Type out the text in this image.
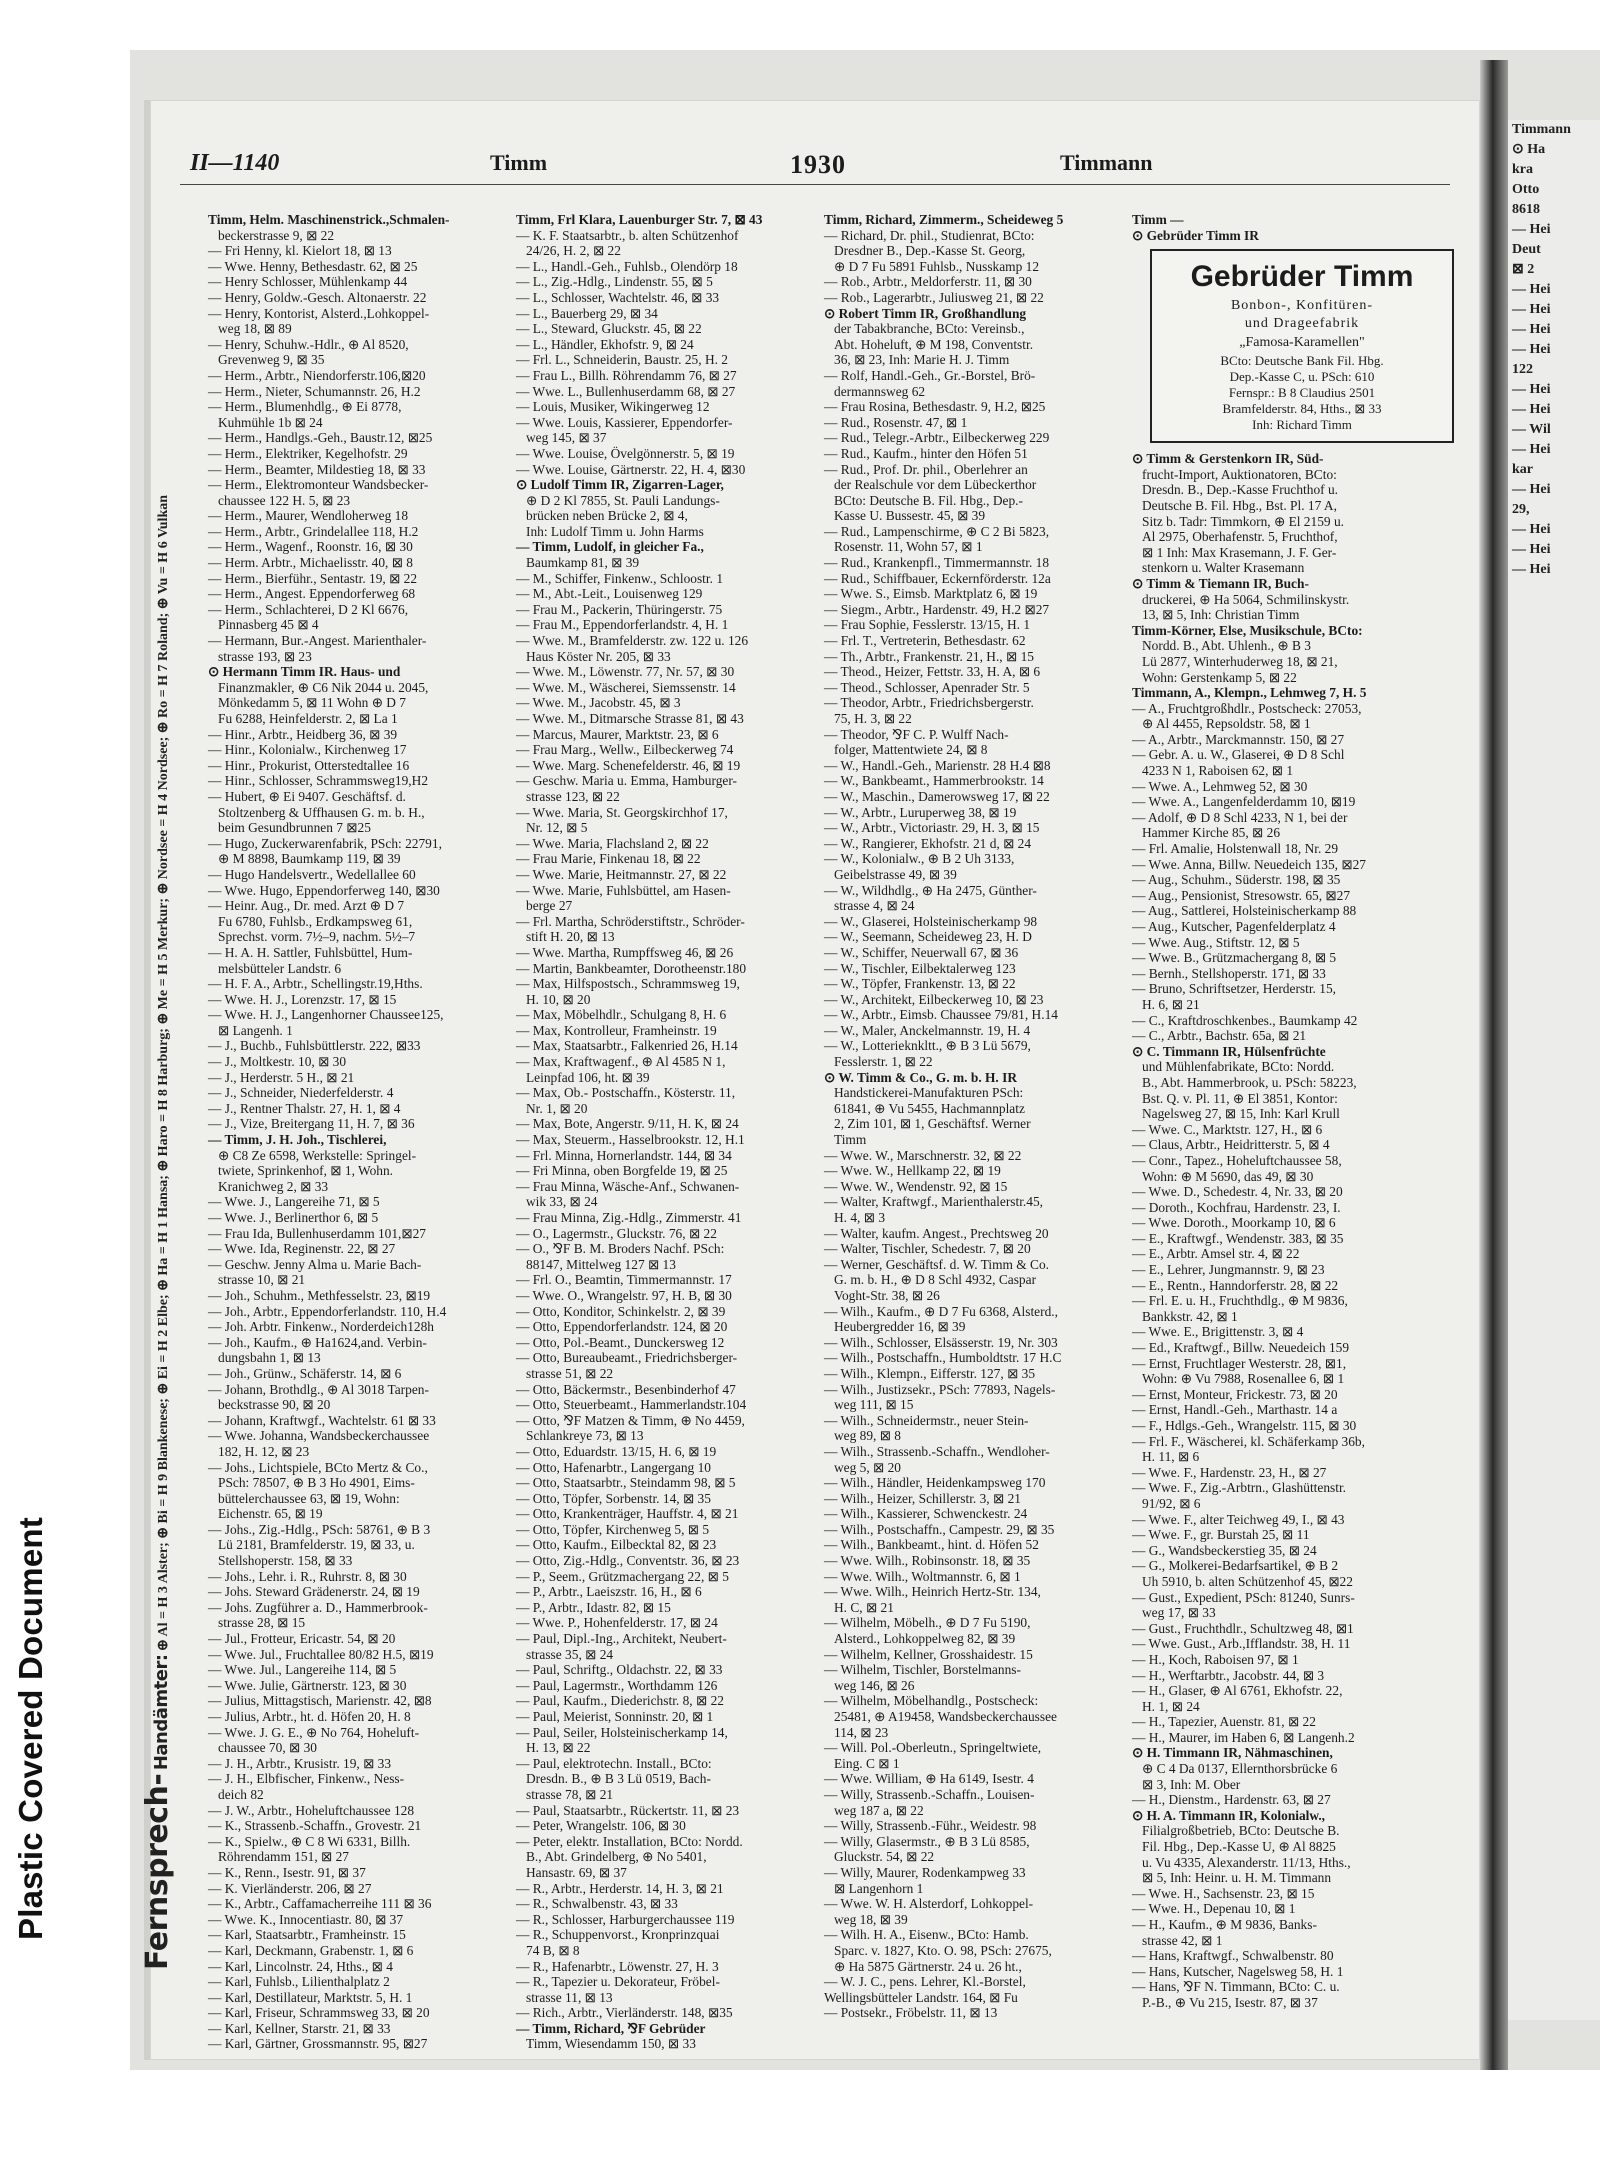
Plastic Covered Document
Timmann
⊙ Ha
kra
Otto
8618
— Hei
Deut
⊠ 2
— Hei
— Hei
— Hei
— Hei
122
— Hei
— Hei
— Wil
— Hei
kar
— Hei
29,
— Hei
— Hei
— Hei
II—1140	Timm	1930	Timmann
Fernsprech- Handämter: ⊕ Al = H 3 Alster; ⊕ Bi = H 9 Blankenese; ⊕ Ei = H 2 Elbe; ⊕ Ha = H 1 Hansa; ⊕ Haro = H 8 Harburg; ⊕ Me = H 5 Merkur; ⊕ Nordsee = H 4 Nordsee; ⊕ Ro = H 7 Roland; ⊕ Vu = H 6 Vulkan
Timm, Helm. Maschinenstrick.,Schmalen-
beckerstrasse 9, ⊠ 22
— Fri Henny, kl. Kielort 18, ⊠ 13
— Wwe. Henny, Bethesdastr. 62, ⊠ 25
— Henry Schlosser, Mühlenkamp 44
— Henry, Goldw.-Gesch. Altonaerstr. 22
— Henry, Kontorist, Alsterd.,Lohkoppel-
weg 18, ⊠ 89
— Henry, Schuhw.-Hdlr., ⊕ Al 8520,
Grevenweg 9, ⊠ 35
— Herm., Arbtr., Niendorferstr.106,⊠20
— Herm., Nieter, Schumannstr. 26, H.2
— Herm., Blumenhdlg., ⊕ Ei 8778,
Kuhmühle 1b ⊠ 24
— Herm., Handlgs.-Geh., Baustr.12, ⊠25
— Herm., Elektriker, Kegelhofstr. 29
— Herm., Beamter, Mildestieg 18, ⊠ 33
— Herm., Elektromonteur Wandsbecker-
chaussee 122 H. 5, ⊠ 23
— Herm., Maurer, Wendloherweg 18
— Herm., Arbtr., Grindelallee 118, H.2
— Herm., Wagenf., Roonstr. 16, ⊠ 30
— Herm. Arbtr., Michaelisstr. 40, ⊠ 8
— Herm., Bierführ., Sentastr. 19, ⊠ 22
— Herm., Angest. Eppendorferweg 68
— Herm., Schlachterei, D 2 Kl 6676,
Pinnasberg 45 ⊠ 4
— Hermann, Bur.-Angest. Marienthaler-
strasse 193, ⊠ 23
⊙ Hermann Timm IR. Haus- und
Finanzmakler, ⊕ C6 Nik 2044 u. 2045,
Mönkedamm 5, ⊠ 11 Wohn ⊕ D 7
Fu 6288, Heinfelderstr. 2, ⊠ La 1
— Hinr., Arbtr., Heidberg 36, ⊠ 39
— Hinr., Kolonialw., Kirchenweg 17
— Hinr., Prokurist, Otterstedtallee 16
— Hinr., Schlosser, Schrammsweg19,H2
— Hubert, ⊕ Ei 9407. Geschäftsf. d.
Stoltzenberg & Uffhausen G. m. b. H.,
beim Gesundbrunnen 7 ⊠25
— Hugo, Zuckerwarenfabrik, PSch: 22791,
⊕ M 8898, Baumkamp 119, ⊠ 39
— Hugo Handelsvertr., Wedellallee 60
— Wwe. Hugo, Eppendorferweg 140, ⊠30
— Heinr. Aug., Dr. med. Arzt ⊕ D 7
Fu 6780, Fuhlsb., Erdkampsweg 61,
Sprechst. vorm. 7½–9, nachm. 5½–7
— H. A. H. Sattler, Fuhlsbüttel, Hum-
melsbütteler Landstr. 6
— H. F. A., Arbtr., Schellingstr.19,Hths.
— Wwe. H. J., Lorenzstr. 17, ⊠ 15
— Wwe. H. J., Langenhorner Chaussee125,
⊠ Langenh. 1
— J., Buchb., Fuhlsbüttlerstr. 222, ⊠33
— J., Moltkestr. 10, ⊠ 30
— J., Herderstr. 5 H., ⊠ 21
— J., Schneider, Niederfelderstr. 4
— J., Rentner Thalstr. 27, H. 1, ⊠ 4
— J., Vize, Breitergang 11, H. 7, ⊠ 36
— Timm, J. H. Joh., Tischlerei,
⊕ C8 Ze 6598, Werkstelle: Springel-
twiete, Sprinkenhof, ⊠ 1, Wohn.
Kranichweg 2, ⊠ 33
— Wwe. J., Langereihe 71, ⊠ 5
— Wwe. J., Berlinerthor 6, ⊠ 5
— Frau Ida, Bullenhuserdamm 101,⊠27
— Wwe. Ida, Reginenstr. 22, ⊠ 27
— Geschw. Jenny Alma u. Marie Bach-
strasse 10, ⊠ 21
— Joh., Schuhm., Methfesselstr. 23, ⊠19
— Joh., Arbtr., Eppendorferlandstr. 110, H.4
— Joh. Arbtr. Finkenw., Norderdeich128h
— Joh., Kaufm., ⊕ Ha1624,and. Verbin-
dungsbahn 1, ⊠ 13
— Joh., Grünw., Schäferstr. 14, ⊠ 6
— Johann, Brothdlg., ⊕ Al 3018 Tarpen-
beckstrasse 90, ⊠ 20
— Johann, Kraftwgf., Wachtelstr. 61 ⊠ 33
— Wwe. Johanna, Wandsbeckerchaussee
182, H. 12, ⊠ 23
— Johs., Lichtspiele, BCto Mertz & Co.,
PSch: 78507, ⊕ B 3 Ho 4901, Eims-
büttelerchaussee 63, ⊠ 19, Wohn:
Eichenstr. 65, ⊠ 19
— Johs., Zig.-Hdlg., PSch: 58761, ⊕ B 3
Lü 2181, Bramfelderstr. 19, ⊠ 33, u.
Stellshoperstr. 158, ⊠ 33
— Johs., Lehr. i. R., Ruhrstr. 8, ⊠ 30
— Johs. Steward Grädenerstr. 24, ⊠ 19
— Johs. Zugführer a. D., Hammerbrook-
strasse 28, ⊠ 15
— Jul., Frotteur, Ericastr. 54, ⊠ 20
— Wwe. Jul., Fruchtallee 80/82 H.5, ⊠19
— Wwe. Jul., Langereihe 114, ⊠ 5
— Wwe. Julie, Gärtnerstr. 123, ⊠ 30
— Julius, Mittagstisch, Marienstr. 42, ⊠8
— Julius, Arbtr., ht. d. Höfen 20, H. 8
— Wwe. J. G. E., ⊕ No 764, Hoheluft-
chaussee 70, ⊠ 30
— J. H., Arbtr., Krusistr. 19, ⊠ 33
— J. H., Elbfischer, Finkenw., Ness-
deich 82
— J. W., Arbtr., Hoheluftchaussee 128
— K., Strassenb.-Schaffn., Grovestr. 21
— K., Spielw., ⊕ C 8 Wi 6331, Billh.
Röhrendamm 151, ⊠ 27
— K., Renn., Isestr. 91, ⊠ 37
— K. Vierländerstr. 206, ⊠ 27
— K., Arbtr., Caffamacherreihe 111 ⊠ 36
— Wwe. K., Innocentiastr. 80, ⊠ 37
— Karl, Staatsarbtr., Framheinstr. 15
— Karl, Deckmann, Grabenstr. 1, ⊠ 6
— Karl, Lincolnstr. 24, Hths., ⊠ 4
— Karl, Fuhlsb., Lilienthalplatz 2
— Karl, Destillateur, Marktstr. 5, H. 1
— Karl, Friseur, Schrammsweg 33, ⊠ 20
— Karl, Kellner, Starstr. 21, ⊠ 33
— Karl, Gärtner, Grossmannstr. 95, ⊠27
Timm, Frl Klara, Lauenburger Str. 7, ⊠ 43
— K. F. Staatsarbtr., b. alten Schützenhof
24/26, H. 2, ⊠ 22
— L., Handl.-Geh., Fuhlsb., Olendörp 18
— L., Zig.-Hdlg., Lindenstr. 55, ⊠ 5
— L., Schlosser, Wachtelstr. 46, ⊠ 33
— L., Bauerberg 29, ⊠ 34
— L., Steward, Gluckstr. 45, ⊠ 22
— L., Händler, Ekhofstr. 9, ⊠ 24
— Frl. L., Schneiderin, Baustr. 25, H. 2
— Frau L., Billh. Röhrendamm 76, ⊠ 27
— Wwe. L., Bullenhuserdamm 68, ⊠ 27
— Louis, Musiker, Wikingerweg 12
— Wwe. Louis, Kassierer, Eppendorfer-
weg 145, ⊠ 37
— Wwe. Louise, Övelgönnerstr. 5, ⊠ 19
— Wwe. Louise, Gärtnerstr. 22, H. 4, ⊠30
⊙ Ludolf Timm IR, Zigarren-Lager,
⊕ D 2 Kl 7855, St. Pauli Landungs-
brücken neben Brücke 2, ⊠ 4,
Inh: Ludolf Timm u. John Harms
— Timm, Ludolf, in gleicher Fa.,
Baumkamp 81, ⊠ 39
— M., Schiffer, Finkenw., Schloostr. 1
— M., Abt.-Leit., Louisenweg 129
— Frau M., Packerin, Thüringerstr. 75
— Frau M., Eppendorferlandstr. 4, H. 1
— Wwe. M., Bramfelderstr. zw. 122 u. 126
Haus Köster Nr. 205, ⊠ 33
— Wwe. M., Löwenstr. 77, Nr. 57, ⊠ 30
— Wwe. M., Wäscherei, Siemssenstr. 14
— Wwe. M., Jacobstr. 45, ⊠ 3
— Wwe. M., Ditmarsche Strasse 81, ⊠ 43
— Marcus, Maurer, Marktstr. 23, ⊠ 6
— Frau Marg., Wellw., Eilbeckerweg 74
— Wwe. Marg. Schenefelderstr. 46, ⊠ 19
— Geschw. Maria u. Emma, Hamburger-
strasse 123, ⊠ 22
— Wwe. Maria, St. Georgskirchhof 17,
Nr. 12, ⊠ 5
— Wwe. Maria, Flachsland 2, ⊠ 22
— Frau Marie, Finkenau 18, ⊠ 22
— Wwe. Marie, Heitmannstr. 27, ⊠ 22
— Wwe. Marie, Fuhlsbüttel, am Hasen-
berge 27
— Frl. Martha, Schröderstiftstr., Schröder-
stift H. 20, ⊠ 13
— Wwe. Martha, Rumpffsweg 46, ⊠ 26
— Martin, Bankbeamter, Dorotheenstr.180
— Max, Hilfspostsch., Schrammsweg 19,
H. 10, ⊠ 20
— Max, Möbelhdlr., Schulgang 8, H. 6
— Max, Kontrolleur, Framheinstr. 19
— Max, Staatsarbtr., Falkenried 26, H.14
— Max, Kraftwagenf., ⊕ Al 4585 N 1,
Leinpfad 106, ht. ⊠ 39
— Max, Ob.- Postschaffn., Kösterstr. 11,
Nr. 1, ⊠ 20
— Max, Bote, Angerstr. 9/11, H. K, ⊠ 24
— Max, Steuerm., Hasselbrookstr. 12, H.1
— Frl. Minna, Hornerlandstr. 144, ⊠ 34
— Fri Minna, oben Borgfelde 19, ⊠ 25
— Frau Minna, Wäsche-Anf., Schwanen-
wik 33, ⊠ 24
— Frau Minna, Zig.-Hdlg., Zimmerstr. 41
— O., Lagermstr., Gluckstr. 76, ⊠ 22
— O., ⅋F B. M. Broders Nachf. PSch:
88147, Mittelweg 127 ⊠ 13
— Frl. O., Beamtin, Timmermannstr. 17
— Wwe. O., Wrangelstr. 97, H. B, ⊠ 30
— Otto, Konditor, Schinkelstr. 2, ⊠ 39
— Otto, Eppendorferlandstr. 124, ⊠ 20
— Otto, Pol.-Beamt., Dunckersweg 12
— Otto, Bureaubeamt., Friedrichsberger-
strasse 51, ⊠ 22
— Otto, Bäckermstr., Besenbinderhof 47
— Otto, Steuerbeamt., Hammerlandstr.104
— Otto, ⅋F Matzen & Timm, ⊕ No 4459,
Schlankreye 73, ⊠ 13
— Otto, Eduardstr. 13/15, H. 6, ⊠ 19
— Otto, Hafenarbtr., Langergang 10
— Otto, Staatsarbtr., Steindamm 98, ⊠ 5
— Otto, Töpfer, Sorbenstr. 14, ⊠ 35
— Otto, Krankenträger, Hauffstr. 4, ⊠ 21
— Otto, Töpfer, Kirchenweg 5, ⊠ 5
— Otto, Kaufm., Eilbecktal 82, ⊠ 23
— Otto, Zig.-Hdlg., Conventstr. 36, ⊠ 23
— P., Seem., Grützmachergang 22, ⊠ 5
— P., Arbtr., Laeiszstr. 16, H., ⊠ 6
— P., Arbtr., Idastr. 82, ⊠ 15
— Wwe. P., Hohenfelderstr. 17, ⊠ 24
— Paul, Dipl.-Ing., Architekt, Neubert-
strasse 35, ⊠ 24
— Paul, Schriftg., Oldachstr. 22, ⊠ 33
— Paul, Lagermstr., Worthdamm 126
— Paul, Kaufm., Diederichstr. 8, ⊠ 22
— Paul, Meierist, Sonninstr. 20, ⊠ 1
— Paul, Seiler, Holsteinischerkamp 14,
H. 13, ⊠ 22
— Paul, elektrotechn. Install., BCto:
Dresdn. B., ⊕ B 3 Lü 0519, Bach-
strasse 78, ⊠ 21
— Paul, Staatsarbtr., Rückertstr. 11, ⊠ 23
— Peter, Wrangelstr. 106, ⊠ 30
— Peter, elektr. Installation, BCto: Nordd.
B., Abt. Grindelberg, ⊕ No 5401,
Hansastr. 69, ⊠ 37
— R., Arbtr., Herderstr. 14, H. 3, ⊠ 21
— R., Schwalbenstr. 43, ⊠ 33
— R., Schlosser, Harburgerchaussee 119
— R., Schuppenvorst., Kronprinzquai
74 B, ⊠ 8
— R., Hafenarbtr., Löwenstr. 27, H. 3
— R., Tapezier u. Dekorateur, Fröbel-
strasse 11, ⊠ 13
— Rich., Arbtr., Vierländerstr. 148, ⊠35
— Timm, Richard, ⅋F Gebrüder
Timm, Wiesendamm 150, ⊠ 33
Timm, Richard, Zimmerm., Scheideweg 5
— Richard, Dr. phil., Studienrat, BCto:
Dresdner B., Dep.-Kasse St. Georg,
⊕ D 7 Fu 5891 Fuhlsb., Nusskamp 12
— Rob., Arbtr., Meldorferstr. 11, ⊠ 30
— Rob., Lagerarbtr., Juliusweg 21, ⊠ 22
⊙ Robert Timm IR, Großhandlung
der Tabakbranche, BCto: Vereinsb.,
Abt. Hoheluft, ⊕ M 198, Conventstr.
36, ⊠ 23, Inh: Marie H. J. Timm
— Rolf, Handl.-Geh., Gr.-Borstel, Brö-
dermannsweg 62
— Frau Rosina, Bethesdastr. 9, H.2, ⊠25
— Rud., Rosenstr. 47, ⊠ 1
— Rud., Telegr.-Arbtr., Eilbeckerweg 229
— Rud., Kaufm., hinter den Höfen 51
— Rud., Prof. Dr. phil., Oberlehrer an
der Realschule vor dem Lübeckerthor
BCto: Deutsche B. Fil. Hbg., Dep.-
Kasse U. Bussestr. 45, ⊠ 39
— Rud., Lampenschirme, ⊕ C 2 Bi 5823,
Rosenstr. 11, Wohn 57, ⊠ 1
— Rud., Krankenpfl., Timmermannstr. 18
— Rud., Schiffbauer, Eckernförderstr. 12a
— Wwe. S., Eimsb. Marktplatz 6, ⊠ 19
— Siegm., Arbtr., Hardenstr. 49, H.2 ⊠27
— Frau Sophie, Fesslerstr. 13/15, H. 1
— Frl. T., Vertreterin, Bethesdastr. 62
— Th., Arbtr., Frankenstr. 21, H., ⊠ 15
— Theod., Heizer, Fettstr. 33, H. A, ⊠ 6
— Theod., Schlosser, Apenrader Str. 5
— Theodor, Arbtr., Friedrichsbergerstr.
75, H. 3, ⊠ 22
— Theodor, ⅋F C. P. Wulff Nach-
folger, Mattentwiete 24, ⊠ 8
— W., Handl.-Geh., Marienstr. 28 H.4 ⊠8
— W., Bankbeamt., Hammerbrookstr. 14
— W., Maschin., Damerowsweg 17, ⊠ 22
— W., Arbtr., Luruperweg 38, ⊠ 19
— W., Arbtr., Victoriastr. 29, H. 3, ⊠ 15
— W., Rangierer, Ekhofstr. 21 d, ⊠ 24
— W., Kolonialw., ⊕ B 2 Uh 3133,
Geibelstrasse 49, ⊠ 39
— W., Wildhdlg., ⊕ Ha 2475, Günther-
strasse 4, ⊠ 24
— W., Glaserei, Holsteinischerkamp 98
— W., Seemann, Scheideweg 23, H. D
— W., Schiffer, Neuerwall 67, ⊠ 36
— W., Tischler, Eilbektalerweg 123
— W., Töpfer, Frankenstr. 13, ⊠ 22
— W., Architekt, Eilbeckerweg 10, ⊠ 23
— W., Arbtr., Eimsb. Chaussee 79/81, H.14
— W., Maler, Anckelmannstr. 19, H. 4
— W., Lotterieknkltt., ⊕ B 3 Lü 5679,
Fesslerstr. 1, ⊠ 22
⊙ W. Timm & Co., G. m. b. H. IR
Handstickerei-Manufakturen PSch:
61841, ⊕ Vu 5455, Hachmannplatz
2, Zim 101, ⊠ 1, Geschäftsf. Werner
Timm
— Wwe. W., Marschnerstr. 32, ⊠ 22
— Wwe. W., Hellkamp 22, ⊠ 19
— Wwe. W., Wendenstr. 92, ⊠ 15
— Walter, Kraftwgf., Marienthalerstr.45,
H. 4, ⊠ 3
— Walter, kaufm. Angest., Prechtsweg 20
— Walter, Tischler, Schedestr. 7, ⊠ 20
— Werner, Geschäftsf. d. W. Timm & Co.
G. m. b. H., ⊕ D 8 Schl 4932, Caspar
Voght-Str. 38, ⊠ 26
— Wilh., Kaufm., ⊕ D 7 Fu 6368, Alsterd.,
Heubergredder 16, ⊠ 39
— Wilh., Schlosser, Elsässerstr. 19, Nr. 303
— Wilh., Postschaffn., Humboldtstr. 17 H.C
— Wilh., Klempn., Eifferstr. 127, ⊠ 35
— Wilh., Justizsekr., PSch: 77893, Nagels-
weg 111, ⊠ 15
— Wilh., Schneidermstr., neuer Stein-
weg 89, ⊠ 8
— Wilh., Strassenb.-Schaffn., Wendloher-
weg 5, ⊠ 20
— Wilh., Händler, Heidenkampsweg 170
— Wilh., Heizer, Schillerstr. 3, ⊠ 21
— Wilh., Kassierer, Schwenckestr. 24
— Wilh., Postschaffn., Campestr. 29, ⊠ 35
— Wilh., Bankbeamt., hint. d. Höfen 52
— Wwe. Wilh., Robinsonstr. 18, ⊠ 35
— Wwe. Wilh., Woltmannstr. 6, ⊠ 1
— Wwe. Wilh., Heinrich Hertz-Str. 134,
H. C, ⊠ 21
— Wilhelm, Möbelh., ⊕ D 7 Fu 5190,
Alsterd., Lohkoppelweg 82, ⊠ 39
— Wilhelm, Kellner, Grosshaidestr. 15
— Wilhelm, Tischler, Borstelmanns-
weg 146, ⊠ 26
— Wilhelm, Möbelhandlg., Postscheck:
25481, ⊕ A19458, Wandsbeckerchaussee
114, ⊠ 23
— Will. Pol.-Oberleutn., Springeltwiete,
Eing. C ⊠ 1
— Wwe. William, ⊕ Ha 6149, Isestr. 4
— Willy, Strassenb.-Schaffn., Louisen-
weg 187 a, ⊠ 22
— Willy, Strassenb.-Führ., Weidestr. 98
— Willy, Glasermstr., ⊕ B 3 Lü 8585,
Gluckstr. 54, ⊠ 22
— Willy, Maurer, Rodenkampweg 33
⊠ Langenhorn 1
— Wwe. W. H. Alsterdorf, Lohkoppel-
weg 18, ⊠ 39
— Wilh. H. A., Eisenw., BCto: Hamb.
Sparc. v. 1827, Kto. O. 98, PSch: 27675,
⊕ Ha 5875 Gärtnerstr. 24 u. 26 ht.,
— W. J. C., pens. Lehrer, Kl.-Borstel,
Wellingsbütteler Landstr. 164, ⊠ Fu
— Postsekr., Fröbelstr. 11, ⊠ 13
Timm —
⊙ Gebrüder Timm IR
Gebrüder Timm
Bonbon-, Konfitüren-
und Drageefabrik
„Famosa-Karamellen"
BCto: Deutsche Bank Fil. Hbg.
Dep.-Kasse C, u. PSch: 610
Fernspr.: B 8 Claudius 2501
Bramfelderstr. 84, Hths., ⊠ 33
Inh: Richard Timm
⊙ Timm & Gerstenkorn IR, Süd-
frucht-Import, Auktionatoren, BCto:
Dresdn. B., Dep.-Kasse Fruchthof u.
Deutsche B. Fil. Hbg., Bst. Pl. 17 A,
Sitz b. Tadr: Timmkorn, ⊕ El 2159 u.
Al 2975, Oberhafenstr. 5, Fruchthof,
⊠ 1 Inh: Max Krasemann, J. F. Ger-
stenkorn u. Walter Krasemann
⊙ Timm & Tiemann IR, Buch-
druckerei, ⊕ Ha 5064, Schmilinskystr.
13, ⊠ 5, Inh: Christian Timm
Timm-Körner, Else, Musikschule, BCto:
Nordd. B., Abt. Uhlenh., ⊕ B 3
Lü 2877, Winterhuderweg 18, ⊠ 21,
Wohn: Gerstenkamp 5, ⊠ 22
Timmann, A., Klempn., Lehmweg 7, H. 5
— A., Fruchtgroßhdlr., Postscheck: 27053,
⊕ Al 4455, Repsoldstr. 58, ⊠ 1
— A., Arbtr., Marckmannstr. 150, ⊠ 27
— Gebr. A. u. W., Glaserei, ⊕ D 8 Schl
4233 N 1, Raboisen 62, ⊠ 1
— Wwe. A., Lehmweg 52, ⊠ 30
— Wwe. A., Langenfelderdamm 10, ⊠19
— Adolf, ⊕ D 8 Schl 4233, N 1, bei der
Hammer Kirche 85, ⊠ 26
— Frl. Amalie, Holstenwall 18, Nr. 29
— Wwe. Anna, Billw. Neuedeich 135, ⊠27
— Aug., Schuhm., Süderstr. 198, ⊠ 35
— Aug., Pensionist, Stresowstr. 65, ⊠27
— Aug., Sattlerei, Holsteinischerkamp 88
— Aug., Kutscher, Pagenfelderplatz 4
— Wwe. Aug., Stiftstr. 12, ⊠ 5
— Wwe. B., Grützmachergang 8, ⊠ 5
— Bernh., Stellshoperstr. 171, ⊠ 33
— Bruno, Schriftsetzer, Herderstr. 15,
H. 6, ⊠ 21
— C., Kraftdroschkenbes., Baumkamp 42
— C., Arbtr., Bachstr. 65a, ⊠ 21
⊙ C. Timmann IR, Hülsenfrüchte
und Mühlenfabrikate, BCto: Nordd.
B., Abt. Hammerbrook, u. PSch: 58223,
Bst. Q. v. Pl. 11, ⊕ El 3851, Kontor:
Nagelsweg 27, ⊠ 15, Inh: Karl Krull
— Wwe. C., Marktstr. 127, H., ⊠ 6
— Claus, Arbtr., Heidritterstr. 5, ⊠ 4
— Conr., Tapez., Hoheluftchaussee 58,
Wohn: ⊕ M 5690, das 49, ⊠ 30
— Wwe. D., Schedestr. 4, Nr. 33, ⊠ 20
— Doroth., Kochfrau, Hardenstr. 23, I.
— Wwe. Doroth., Moorkamp 10, ⊠ 6
— E., Kraftwgf., Wendenstr. 383, ⊠ 35
— E., Arbtr. Amsel str. 4, ⊠ 22
— E., Lehrer, Jungmannstr. 9, ⊠ 23
— E., Rentn., Hanndorferstr. 28, ⊠ 22
— Frl. E. u. H., Fruchthdlg., ⊕ M 9836,
Bankkstr. 42, ⊠ 1
— Wwe. E., Brigittenstr. 3, ⊠ 4
— Ed., Kraftwgf., Billw. Neuedeich 159
— Ernst, Fruchtlager Westerstr. 28, ⊠1,
Wohn: ⊕ Vu 7988, Rosenallee 6, ⊠ 1
— Ernst, Monteur, Frickestr. 73, ⊠ 20
— Ernst, Handl.-Geh., Marthastr. 14 a
— F., Hdlgs.-Geh., Wrangelstr. 115, ⊠ 30
— Frl. F., Wäscherei, kl. Schäferkamp 36b,
H. 11, ⊠ 6
— Wwe. F., Hardenstr. 23, H., ⊠ 27
— Wwe. F., Zig.-Arbtrn., Glashüttenstr.
91/92, ⊠ 6
— Wwe. F., alter Teichweg 49, I., ⊠ 43
— Wwe. F., gr. Burstah 25, ⊠ 11
— G., Wandsbeckerstieg 35, ⊠ 24
— G., Molkerei-Bedarfsartikel, ⊕ B 2
Uh 5910, b. alten Schützenhof 45, ⊠22
— Gust., Expedient, PSch: 81240, Sunrs-
weg 17, ⊠ 33
— Gust., Fruchthdlr., Schultzweg 48, ⊠1
— Wwe. Gust., Arb.,Ifflandstr. 38, H. 11
— H., Koch, Raboisen 97, ⊠ 1
— H., Werftarbtr., Jacobstr. 44, ⊠ 3
— H., Glaser, ⊕ Al 6761, Ekhofstr. 22,
H. 1, ⊠ 24
— H., Tapezier, Auenstr. 81, ⊠ 22
— H., Maurer, im Haben 6, ⊠ Langenh.2
⊙ H. Timmann IR, Nähmaschinen,
⊕ C 4 Da 0137, Ellernthorsbrücke 6
⊠ 3, Inh: M. Ober
— H., Dienstm., Hardenstr. 63, ⊠ 27
⊙ H. A. Timmann IR, Kolonialw.,
Filialgroßbetrieb, BCto: Deutsche B.
Fil. Hbg., Dep.-Kasse U, ⊕ Al 8825
u. Vu 4335, Alexanderstr. 11/13, Hths.,
⊠ 5, Inh: Heinr. u. H. M. Timmann
— Wwe. H., Sachsenstr. 23, ⊠ 15
— Wwe. H., Depenau 10, ⊠ 1
— H., Kaufm., ⊕ M 9836, Banks-
strasse 42, ⊠ 1
— Hans, Kraftwgf., Schwalbenstr. 80
— Hans, Kutscher, Nagelsweg 58, H. 1
— Hans, ⅋F N. Timmann, BCto: C. u.
P.-B., ⊕ Vu 215, Isestr. 87, ⊠ 37
